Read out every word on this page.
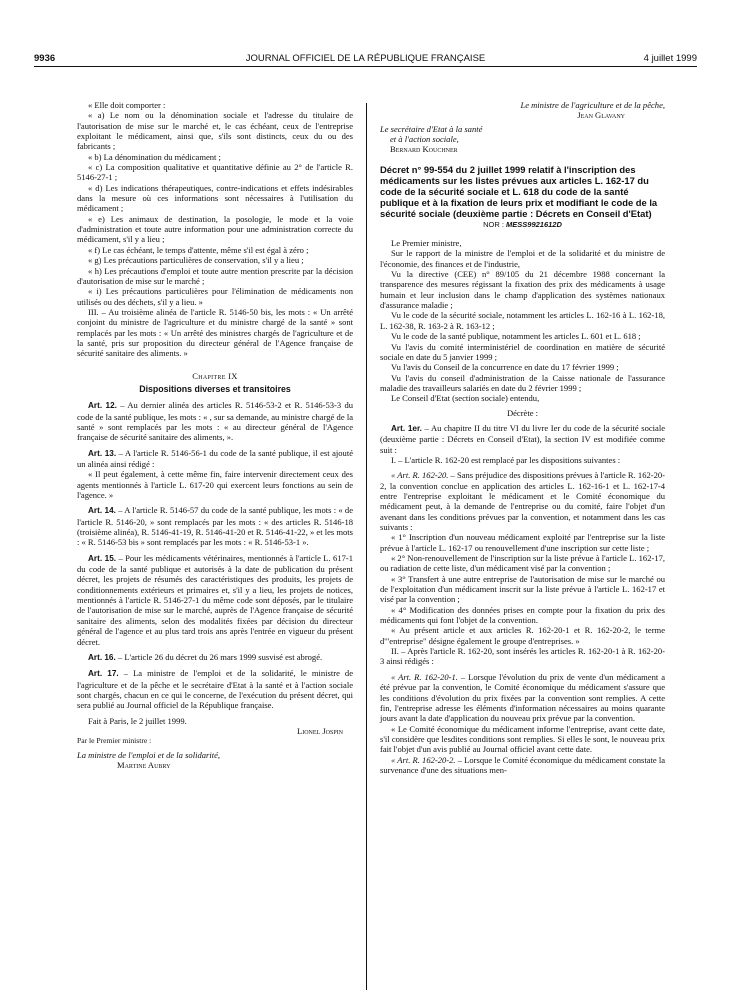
9936	JOURNAL OFFICIEL DE LA RÉPUBLIQUE FRANÇAISE	4 juillet 1999

« Elle doit comporter :

« a) Le nom ou la dénomination sociale et l'adresse du titulaire de l'autorisation de mise sur le marché et, le cas échéant, ceux de l'entreprise exploitant le médicament, ainsi que, s'ils sont distincts, ceux du ou des fabricants ;

« b) La dénomination du médicament ;

« c) La composition qualitative et quantitative définie au 2° de l'article R. 5146-27-1 ;

« d) Les indications thérapeutiques, contre-indications et effets indésirables dans la mesure où ces informations sont nécessaires à l'utilisation du médicament ;

« e) Les animaux de destination, la posologie, le mode et la voie d'administration et toute autre information pour une administration correcte du médicament, s'il y a lieu ;

« f) Le cas échéant, le temps d'attente, même s'il est égal à zéro ;

« g) Les précautions particulières de conservation, s'il y a lieu ;

« h) Les précautions d'emploi et toute autre mention prescrite par la décision d'autorisation de mise sur le marché ;

« i) Les précautions particulières pour l'élimination de médicaments non utilisés ou des déchets, s'il y a lieu. »

III. – Au troisième alinéa de l'article R. 5146-50 bis, les mots : « Un arrêté conjoint du ministre de l'agriculture et du ministre chargé de la santé » sont remplacés par les mots : « Un arrêté des ministres chargés de l'agriculture et de la santé, pris sur proposition du directeur général de l'Agence française de sécurité sanitaire des aliments. »

Chapitre IX

Dispositions diverses et transitoires

Art. 12. – Au dernier alinéa des articles R. 5146-53-2 et R. 5146-53-3 du code de la santé publique, les mots : « , sur sa demande, au ministre chargé de la santé » sont remplacés par les mots : « au directeur général de l'Agence française de sécurité sanitaire des aliments, ».

Art. 13. – A l'article R. 5146-56-1 du code de la santé publique, il est ajouté un alinéa ainsi rédigé :

« Il peut également, à cette même fin, faire intervenir directement ceux des agents mentionnés à l'article L. 617-20 qui exercent leurs fonctions au sein de l'agence. »

Art. 14. – A l'article R. 5146-57 du code de la santé publique, les mots : « de l'article R. 5146-20, » sont remplacés par les mots : « des articles R. 5146-18 (troisième alinéa), R. 5146-41-19, R. 5146-41-20 et R. 5146-41-22, » et les mots : « R. 5146-53 bis » sont remplacés par les mots : « R. 5146-53-1 ».

Art. 15. – Pour les médicaments vétérinaires, mentionnés à l'article L. 617-1 du code de la santé publique et autorisés à la date de publication du présent décret, les projets de résumés des caractéristiques des produits, les projets de conditionnements extérieurs et primaires et, s'il y a lieu, les projets de notices, mentionnés à l'article R. 5146-27-1 du même code sont déposés, par le titulaire de l'autorisation de mise sur le marché, auprès de l'Agence française de sécurité sanitaire des aliments, selon des modalités fixées par décision du directeur général de l'agence et au plus tard trois ans après l'entrée en vigueur du présent décret.

Art. 16. – L'article 26 du décret du 26 mars 1999 susvisé est abrogé.

Art. 17. – La ministre de l'emploi et de la solidarité, le ministre de l'agriculture et de la pêche et le secrétaire d'Etat à la santé et à l'action sociale sont chargés, chacun en ce qui le concerne, de l'exécution du présent décret, qui sera publié au Journal officiel de la République française.

Fait à Paris, le 2 juillet 1999.

Lionel Jospin

Par le Premier ministre :

La ministre de l'emploi et de la solidarité,

Martine Aubry

Le ministre de l'agriculture et de la pêche,

Jean Glavany

Le secrétaire d'Etat à la santé

et à l'action sociale,

Bernard Kouchner

Décret n° 99-554 du 2 juillet 1999 relatif à l'inscription des médicaments sur les listes prévues aux articles L. 162-17 du code de la sécurité sociale et L. 618 du code de la santé publique et à la fixation de leurs prix et modifiant le code de la sécurité sociale (deuxième partie : Décrets en Conseil d'Etat)

NOR : MESS9921612D

Le Premier ministre,

Sur le rapport de la ministre de l'emploi et de la solidarité et du ministre de l'économie, des finances et de l'industrie,

Vu la directive (CEE) n° 89/105 du 21 décembre 1988 concernant la transparence des mesures régissant la fixation des prix des médicaments à usage humain et leur inclusion dans le champ d'application des systèmes nationaux d'assurance maladie ;

Vu le code de la sécurité sociale, notamment les articles L. 162-16 à L. 162-18, L. 162-38, R. 163-2 à R. 163-12 ;

Vu le code de la santé publique, notamment les articles L. 601 et L. 618 ;

Vu l'avis du comité interministériel de coordination en matière de sécurité sociale en date du 5 janvier 1999 ;

Vu l'avis du Conseil de la concurrence en date du 17 février 1999 ;

Vu l'avis du conseil d'administration de la Caisse nationale de l'assurance maladie des travailleurs salariés en date du 2 février 1999 ;

Le Conseil d'Etat (section sociale) entendu,

Décrète :

Art. 1er. – Au chapitre II du titre VI du livre Ier du code de la sécurité sociale (deuxième partie : Décrets en Conseil d'Etat), la section IV est modifiée comme suit :

I. – L'article R. 162-20 est remplacé par les dispositions suivantes :

« Art. R. 162-20. – Sans préjudice des dispositions prévues à l'article R. 162-20-2, la convention conclue en application des articles L. 162-16-1 et L. 162-17-4 entre l'entreprise exploitant le médicament et le Comité économique du médicament peut, à la demande de l'entreprise ou du comité, faire l'objet d'un avenant dans les conditions prévues par la convention, et notamment dans les cas suivants :

« 1° Inscription d'un nouveau médicament exploité par l'entreprise sur la liste prévue à l'article L. 162-17 ou renouvellement d'une inscription sur cette liste ;

« 2° Non-renouvellement de l'inscription sur la liste prévue à l'article L. 162-17, ou radiation de cette liste, d'un médicament visé par la convention ;

« 3° Transfert à une autre entreprise de l'autorisation de mise sur le marché ou de l'exploitation d'un médicament inscrit sur la liste prévue à l'article L. 162-17 et visé par la convention ;

« 4° Modification des données prises en compte pour la fixation du prix des médicaments qui font l'objet de la convention.

« Au présent article et aux articles R. 162-20-1 et R. 162-20-2, le terme d'"entreprise" désigne également le groupe d'entreprises. »

II. – Après l'article R. 162-20, sont insérés les articles R. 162-20-1 à R. 162-20-3 ainsi rédigés :

« Art. R. 162-20-1. – Lorsque l'évolution du prix de vente d'un médicament a été prévue par la convention, le Comité économique du médicament s'assure que les conditions d'évolution du prix fixées par la convention sont remplies. A cette fin, l'entreprise adresse les éléments d'information nécessaires au moins quarante jours avant la date d'application du nouveau prix prévue par la convention.

« Le Comité économique du médicament informe l'entreprise, avant cette date, s'il considère que lesdites conditions sont remplies. Si elles le sont, le nouveau prix fait l'objet d'un avis publié au Journal officiel avant cette date.

« Art. R. 162-20-2. – Lorsque le Comité économique du médicament constate la survenance d'une des situations men-
